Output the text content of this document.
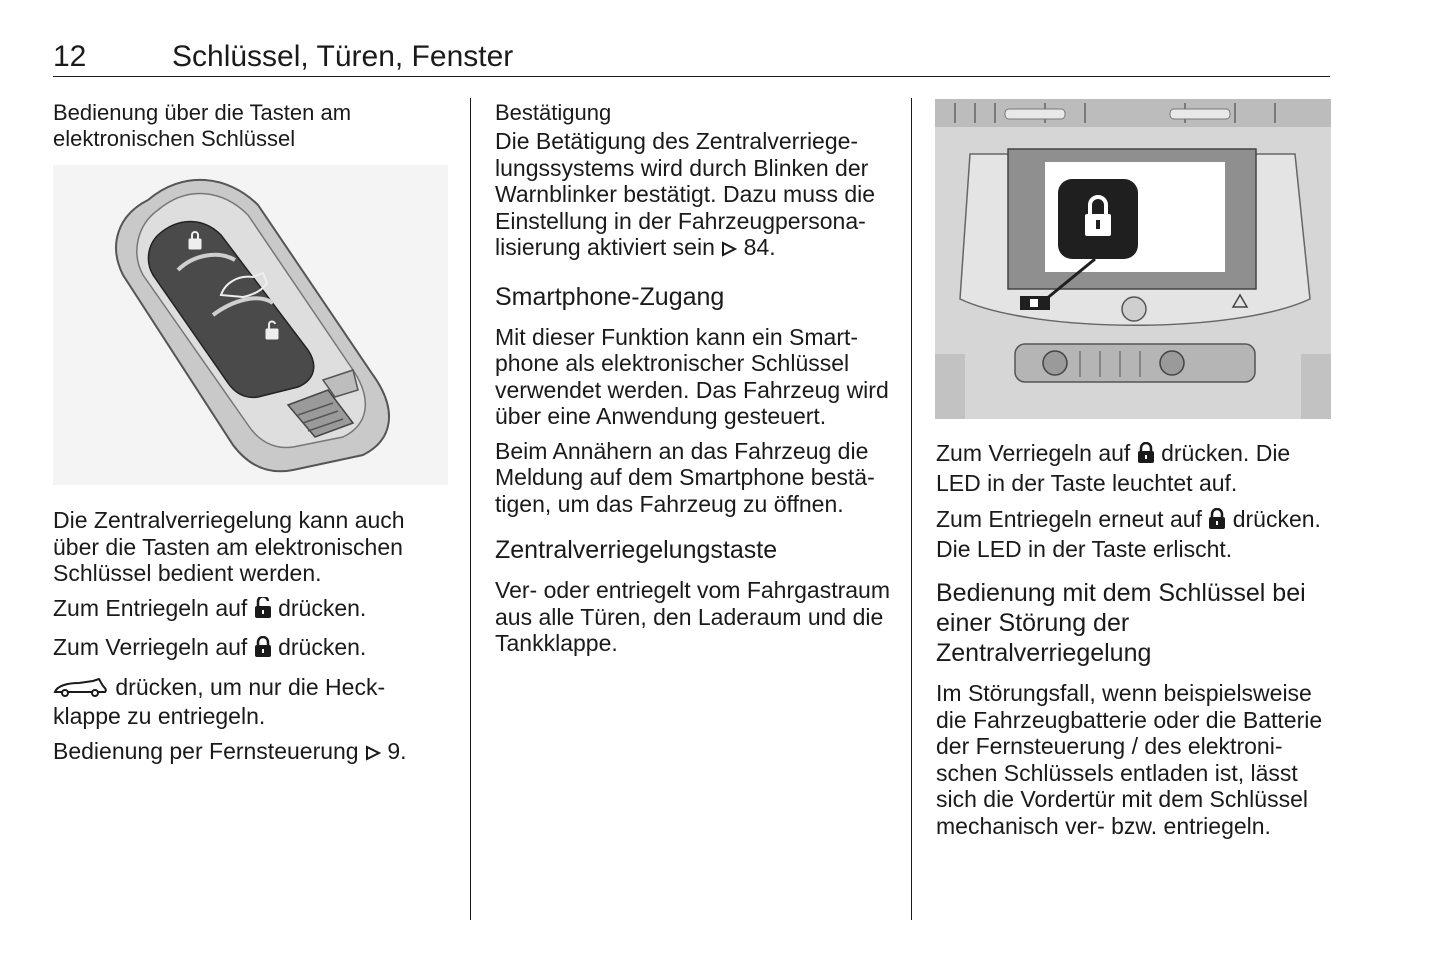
12	Schlüssel, Türen, Fenster

Bedienung über die Tasten am elektronischen Schlüssel

Die Zentralverriegelung kann auch über die Tasten am elektronischen Schlüssel bedient werden.

Zum Entriegeln auf drücken.

Zum Verriegeln auf drücken.

drücken, um nur die Heckklappe zu entriegeln.

Bedienung per Fernsteuerung 9.

Bestätigung

Die Betätigung des Zentralverriegelungssystems wird durch Blinken der Warnblinker bestätigt. Dazu muss die Einstellung in der Fahrzeugpersonalisierung aktiviert sein 84.

Smartphone-Zugang

Mit dieser Funktion kann ein Smartphone als elektronischer Schlüssel verwendet werden. Das Fahrzeug wird über eine Anwendung gesteuert.

Beim Annähern an das Fahrzeug die Meldung auf dem Smartphone bestätigen, um das Fahrzeug zu öffnen.

Zentralverriegelungstaste

Ver- oder entriegelt vom Fahrgastraum aus alle Türen, den Laderaum und die Tankklappe.

Zum Verriegeln auf drücken. Die LED in der Taste leuchtet auf.

Zum Entriegeln erneut auf drücken. Die LED in der Taste erlischt.

Bedienung mit dem Schlüssel bei einer Störung der Zentralverriegelung

Im Störungsfall, wenn beispielsweise die Fahrzeugbatterie oder die Batterie der Fernsteuerung / des elektronischen Schlüssels entladen ist, lässt sich die Vordertür mit dem Schlüssel mechanisch ver- bzw. entriegeln.
